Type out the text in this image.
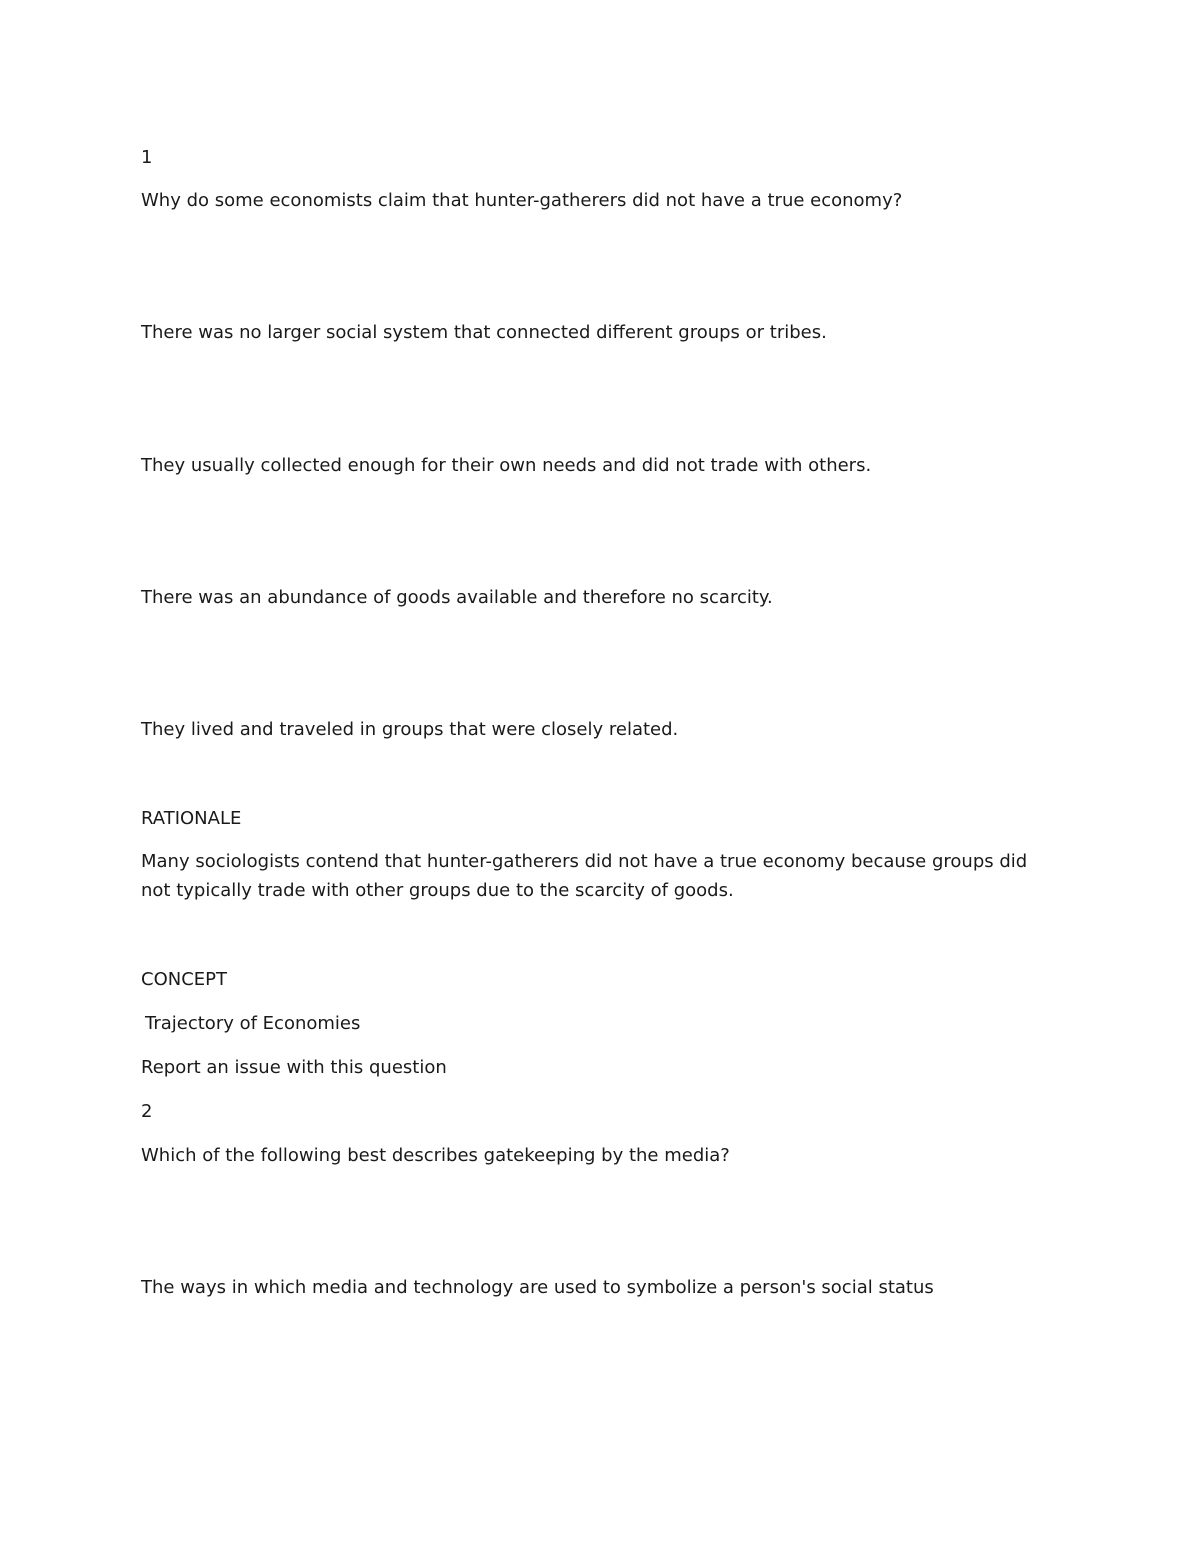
1

Why do some economists claim that hunter-gatherers did not have a true economy?

There was no larger social system that connected different groups or tribes.

They usually collected enough for their own needs and did not trade with others.

There was an abundance of goods available and therefore no scarcity.

They lived and traveled in groups that were closely related.

RATIONALE

Many sociologists contend that hunter-gatherers did not have a true economy because groups did not typically trade with other groups due to the scarcity of goods.

CONCEPT

Trajectory of Economies

Report an issue with this question

2

Which of the following best describes gatekeeping by the media?

The ways in which media and technology are used to symbolize a person's social status
